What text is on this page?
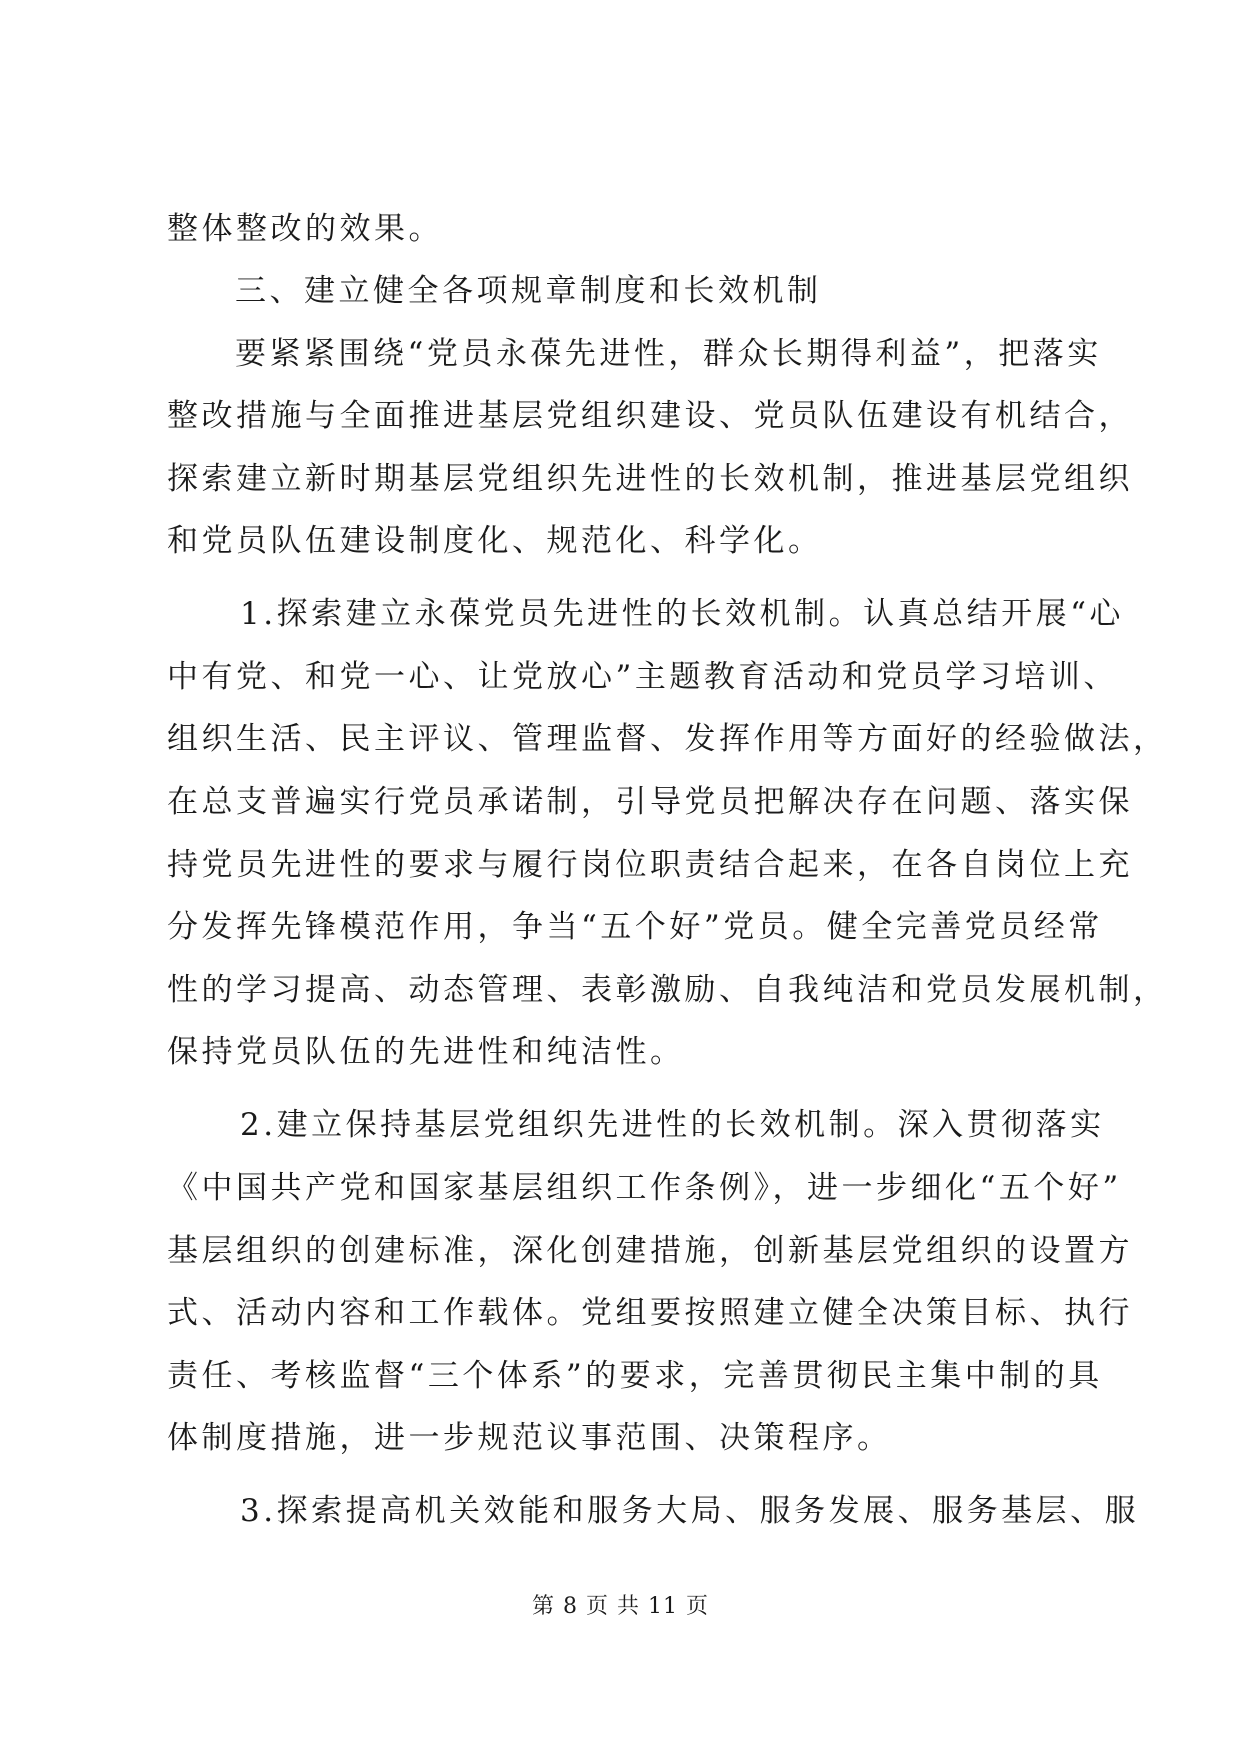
整体整改的效果。
三、建立健全各项规章制度和长效机制
要紧紧围绕“党员永葆先进性，群众长期得利益”，把落实
整改措施与全面推进基层党组织建设、党员队伍建设有机结合，
探索建立新时期基层党组织先进性的长效机制，推进基层党组织
和党员队伍建设制度化、规范化、科学化。
1.探索建立永葆党员先进性的长效机制。认真总结开展“心
中有党、和党一心、让党放心”主题教育活动和党员学习培训、
组织生活、民主评议、管理监督、发挥作用等方面好的经验做法，
在总支普遍实行党员承诺制，引导党员把解决存在问题、落实保
持党员先进性的要求与履行岗位职责结合起来，在各自岗位上充
分发挥先锋模范作用，争当“五个好”党员。健全完善党员经常
性的学习提高、动态管理、表彰激励、自我纯洁和党员发展机制，
保持党员队伍的先进性和纯洁性。
2.建立保持基层党组织先进性的长效机制。深入贯彻落实
《中国共产党和国家基层组织工作条例》，进一步细化“五个好”
基层组织的创建标准，深化创建措施，创新基层党组织的设置方
式、活动内容和工作载体。党组要按照建立健全决策目标、执行
责任、考核监督“三个体系”的要求，完善贯彻民主集中制的具
体制度措施，进一步规范议事范围、决策程序。
3.探索提高机关效能和服务大局、服务发展、服务基层、服
第 8 页 共 11 页
